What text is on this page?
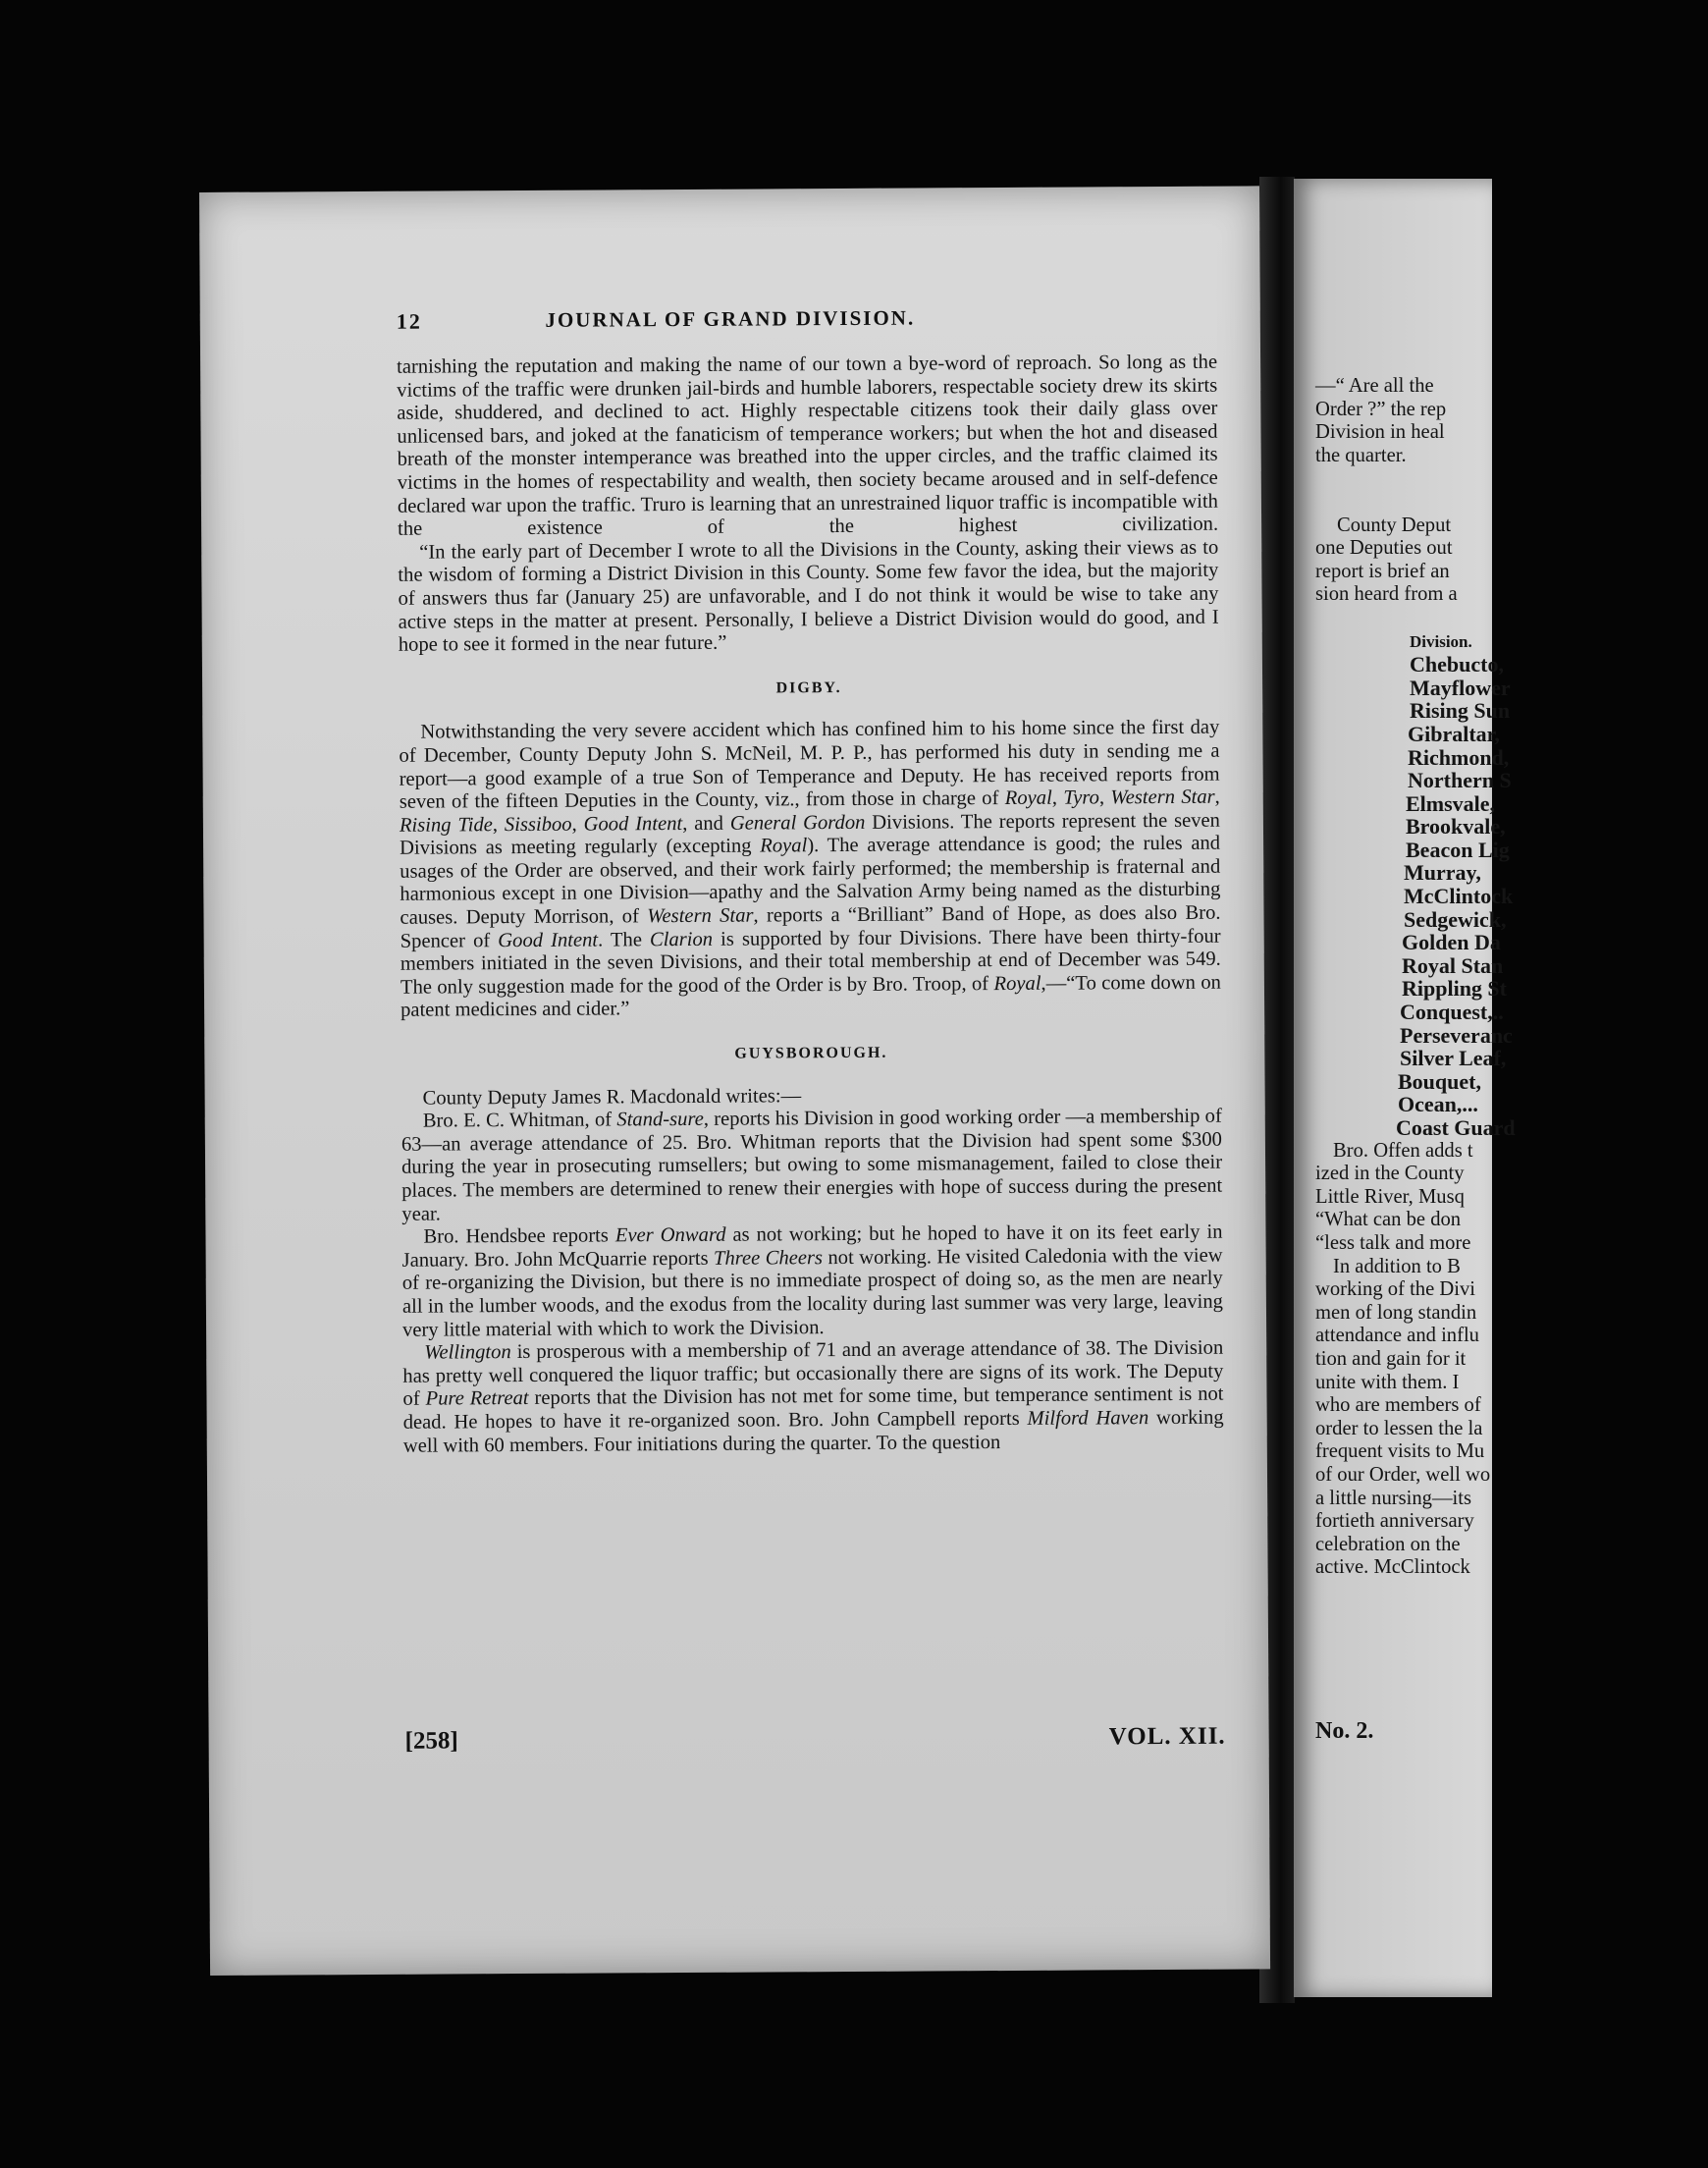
12	JOURNAL OF GRAND DIVISION.

tarnishing the reputation and making the name of our town a bye-word of reproach. So long as the victims of the traffic were drunken jail-birds and humble laborers, respectable society drew its skirts aside, shuddered, and declined to act. Highly respectable citizens took their daily glass over unlicensed bars, and joked at the fanaticism of temperance workers; but when the hot and diseased breath of the monster intemperance was breathed into the upper circles, and the traffic claimed its victims in the homes of respectability and wealth, then society became aroused and in self-defence declared war upon the traffic. Truro is learning that an unrestrained liquor traffic is incompatible with the existence of the highest civilization.

“In the early part of December I wrote to all the Divisions in the County, asking their views as to the wisdom of forming a District Division in this County. Some few favor the idea, but the majority of answers thus far (January 25) are unfavorable, and I do not think it would be wise to take any active steps in the matter at present. Personally, I believe a District Division would do good, and I hope to see it formed in the near future.”

DIGBY.

Notwithstanding the very severe accident which has confined him to his home since the first day of December, County Deputy John S. McNeil, M. P. P., has performed his duty in sending me a report—a good example of a true Son of Temperance and Deputy. He has received reports from seven of the fifteen Deputies in the County, viz., from those in charge of Royal, Tyro, Western Star, Rising Tide, Sissiboo, Good Intent, and General Gordon Divisions. The reports represent the seven Divisions as meeting regularly (excepting Royal). The average attendance is good; the rules and usages of the Order are observed, and their work fairly performed; the membership is fraternal and harmonious except in one Division—apathy and the Salvation Army being named as the disturbing causes. Deputy Morrison, of Western Star, reports a “Brilliant” Band of Hope, as does also Bro. Spencer of Good Intent. The Clarion is supported by four Divisions. There have been thirty-four members initiated in the seven Divisions, and their total membership at end of December was 549. The only suggestion made for the good of the Order is by Bro. Troop, of Royal,—“To come down on patent medicines and cider.”

GUYSBOROUGH.

County Deputy James R. Macdonald writes:—

Bro. E. C. Whitman, of Stand-sure, reports his Division in good working order —a membership of 63—an average attendance of 25. Bro. Whitman reports that the Division had spent some $300 during the year in prosecuting rumsellers; but owing to some mismanagement, failed to close their places. The members are determined to renew their energies with hope of success during the present year.

Bro. Hendsbee reports Ever Onward as not working; but he hoped to have it on its feet early in January. Bro. John McQuarrie reports Three Cheers not working. He visited Caledonia with the view of re-organizing the Division, but there is no immediate prospect of doing so, as the men are nearly all in the lumber woods, and the exodus from the locality during last summer was very large, leaving very little material with which to work the Division.

Wellington is prosperous with a membership of 71 and an average attendance of 38. The Division has pretty well conquered the liquor traffic; but occasionally there are signs of its work. The Deputy of Pure Retreat reports that the Division has not met for some time, but temperance sentiment is not dead. He hopes to have it re-organized soon. Bro. John Campbell reports Milford Haven working well with 60 members. Four initiations during the quarter. To the question

[258]	VOL. XII.
—“ Are all the
Order ?” the rep
Division in heal
the quarter.
County Deput
one Deputies out
report is brief an
sion heard from a
Division.
Chebucto,
Mayflower
Rising Sun
Gibraltar,
Richmond,
Northern S
Elmsvale,
Brookvale,
Beacon Lig
Murray,
McClintock
Sedgewick,
Golden Da
Royal Stan
Rippling St
Conquest,..
Perseveranc
Silver Leaf,
Bouquet,
Ocean,...
Coast Guard
Bro. Offen adds t
ized in the County
Little River, Musq
“What can be don
“less talk and more
In addition to B
working of the Divi
men of long standin
attendance and influ
tion and gain for it
unite with them. I
who are members of
order to lessen the la
frequent visits to Mu
of our Order, well wo
a little nursing—its
fortieth anniversary
celebration on the
active. McClintock
No. 2.
